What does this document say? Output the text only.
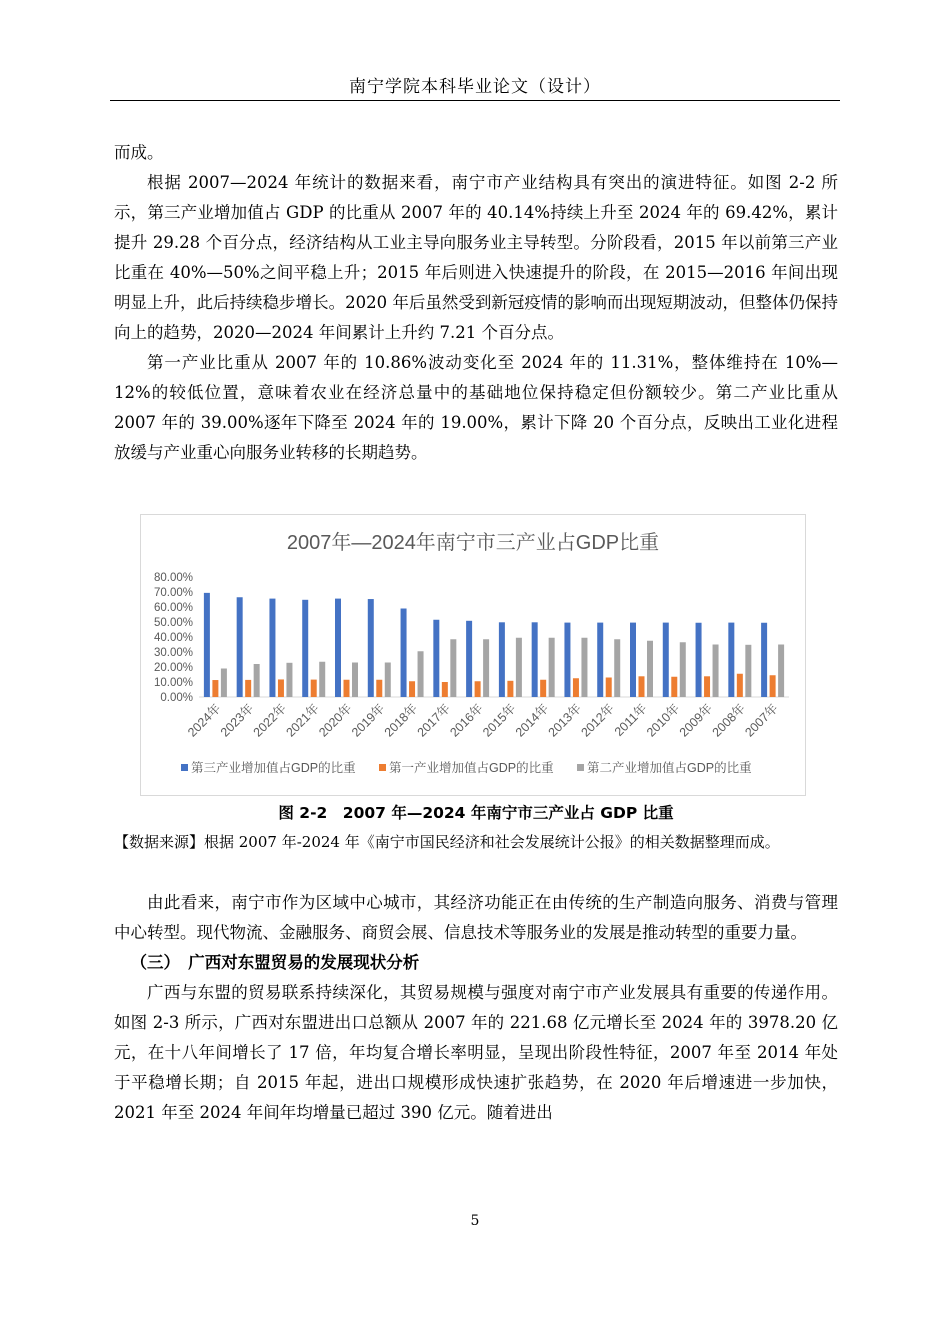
南宁学院本科毕业论文（设计）

而成。

根据 2007—2024 年统计的数据来看，南宁市产业结构具有突出的演进特征。如图 2-2 所示，第三产业增加值占 GDP 的比重从 2007 年的 40.14%持续上升至 2024 年的 69.42%，累计提升 29.28 个百分点，经济结构从工业主导向服务业主导转型。分阶段看，2015 年以前第三产业比重在 40%—50%之间平稳上升；2015 年后则进入快速提升的阶段，在 2015—2016 年间出现明显上升，此后持续稳步增长。2020 年后虽然受到新冠疫情的影响而出现短期波动，但整体仍保持向上的趋势，2020—2024 年间累计上升约 7.21 个百分点。

第一产业比重从 2007 年的 10.86%波动变化至 2024 年的 11.31%，整体维持在 10%—12%的较低位置，意味着农业在经济总量中的基础地位保持稳定但份额较少。第二产业比重从 2007 年的 39.00%逐年下降至 2024 年的 19.00%，累计下降 20 个百分点，反映出工业化进程放缓与产业重心向服务业转移的长期趋势。

2007年—2024年南宁市三产业占GDP比重
0.00%
10.00%
20.00%
30.00%
40.00%
50.00%
60.00%
70.00%
80.00%
2024年
2023年
2022年
2021年
2020年
2019年
2018年
2017年
2016年
2015年
2014年
2013年
2012年
2011年
2010年
2009年
2008年
2007年
第三产业增加值占GDP的比重	第一产业增加值占GDP的比重	第二产业增加值占GDP的比重
图 2-2　2007 年—2024 年南宁市三产业占 GDP 比重
【数据来源】根据 2007 年-2024 年《南宁市国民经济和社会发展统计公报》的相关数据整理而成。

由此看来，南宁市作为区域中心城市，其经济功能正在由传统的生产制造向服务、消费与管理中心转型。现代物流、金融服务、商贸会展、信息技术等服务业的发展是推动转型的重要力量。

（三）　广西对东盟贸易的发展现状分析

广西与东盟的贸易联系持续深化，其贸易规模与强度对南宁市产业发展具有重要的传递作用。如图 2-3 所示，广西对东盟进出口总额从 2007 年的 221.68 亿元增长至 2024 年的 3978.20 亿元，在十八年间增长了 17 倍，年均复合增长率明显，呈现出阶段性特征，2007 年至 2014 年处于平稳增长期；自 2015 年起，进出口规模形成快速扩张趋势，在 2020 年后增速进一步加快，2021 年至 2024 年间年均增量已超过 390 亿元。随着进出

5
